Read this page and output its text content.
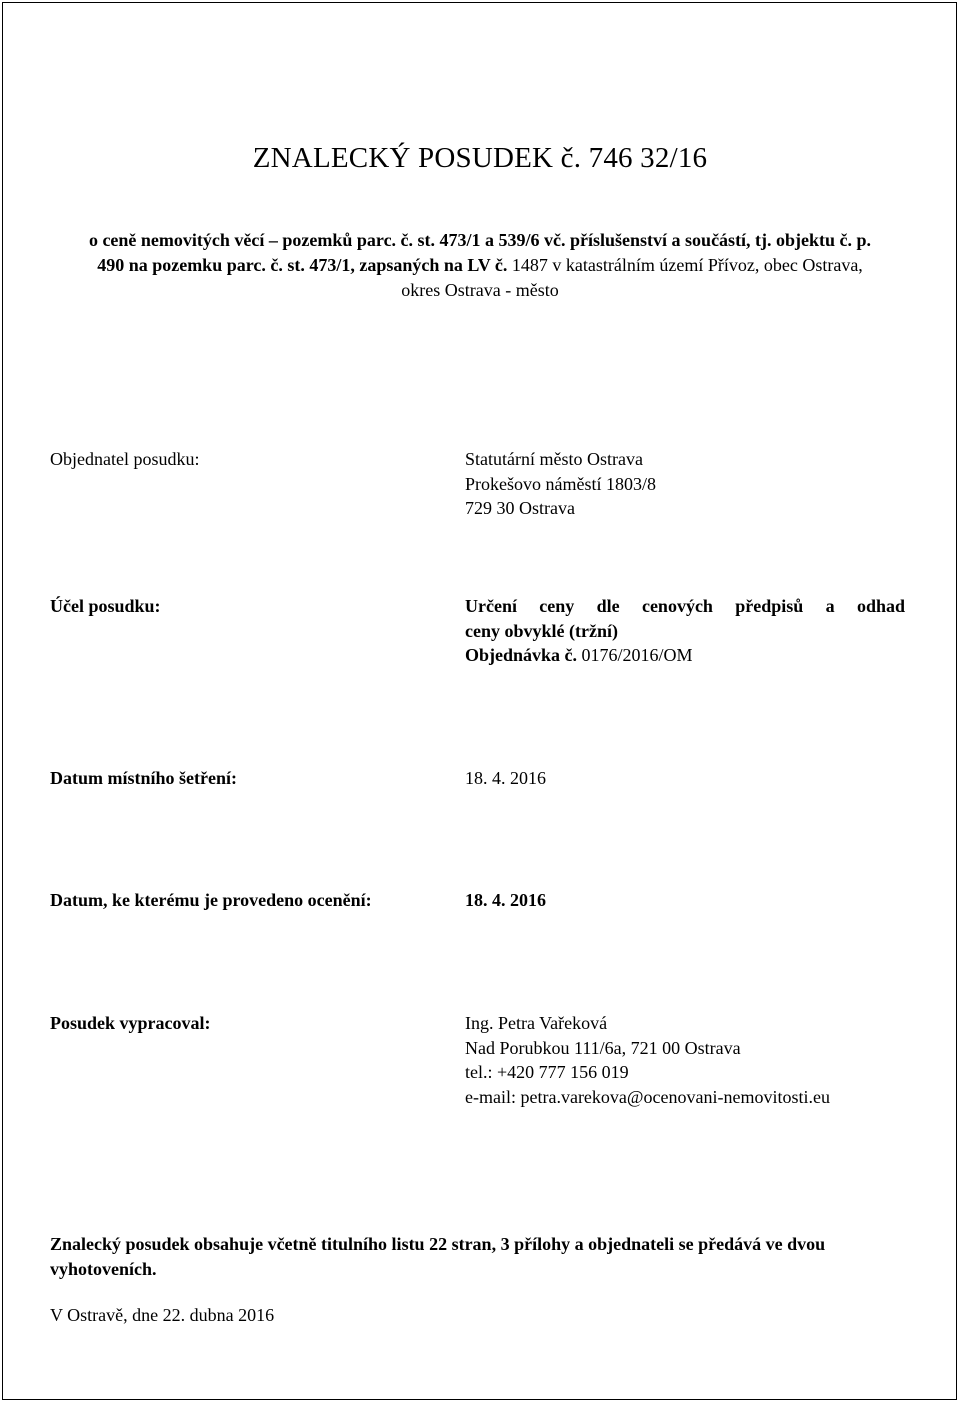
ZNALECKÝ POSUDEK č. 746 32/16
o ceně nemovitých věcí – pozemků parc. č. st. 473/1 a 539/6 vč. příslušenství a součástí, tj. objektu č. p. 490 na pozemku parc. č. st. 473/1, zapsaných na LV č. 1487 v katastrálním území Přívoz, obec Ostrava, okres Ostrava - město
Objednatel posudku:	Statutární město Ostrava
Prokešovo náměstí 1803/8
729 30 Ostrava
Účel posudku:	Určení ceny dle cenových předpisů a odhad
ceny obvyklé (tržní)
Objednávka č. 0176/2016/OM
Datum místního šetření:	18. 4. 2016
Datum, ke kterému je provedeno ocenění:	18. 4. 2016
Posudek vypracoval:	Ing. Petra Vařeková
Nad Porubkou 111/6a, 721 00 Ostrava
tel.: +420 777 156 019
e-mail: petra.varekova@ocenovani-nemovitosti.eu
Znalecký posudek obsahuje včetně titulního listu 22 stran, 3 přílohy a objednateli se předává ve dvou vyhotoveních.
V Ostravě, dne 22. dubna 2016
